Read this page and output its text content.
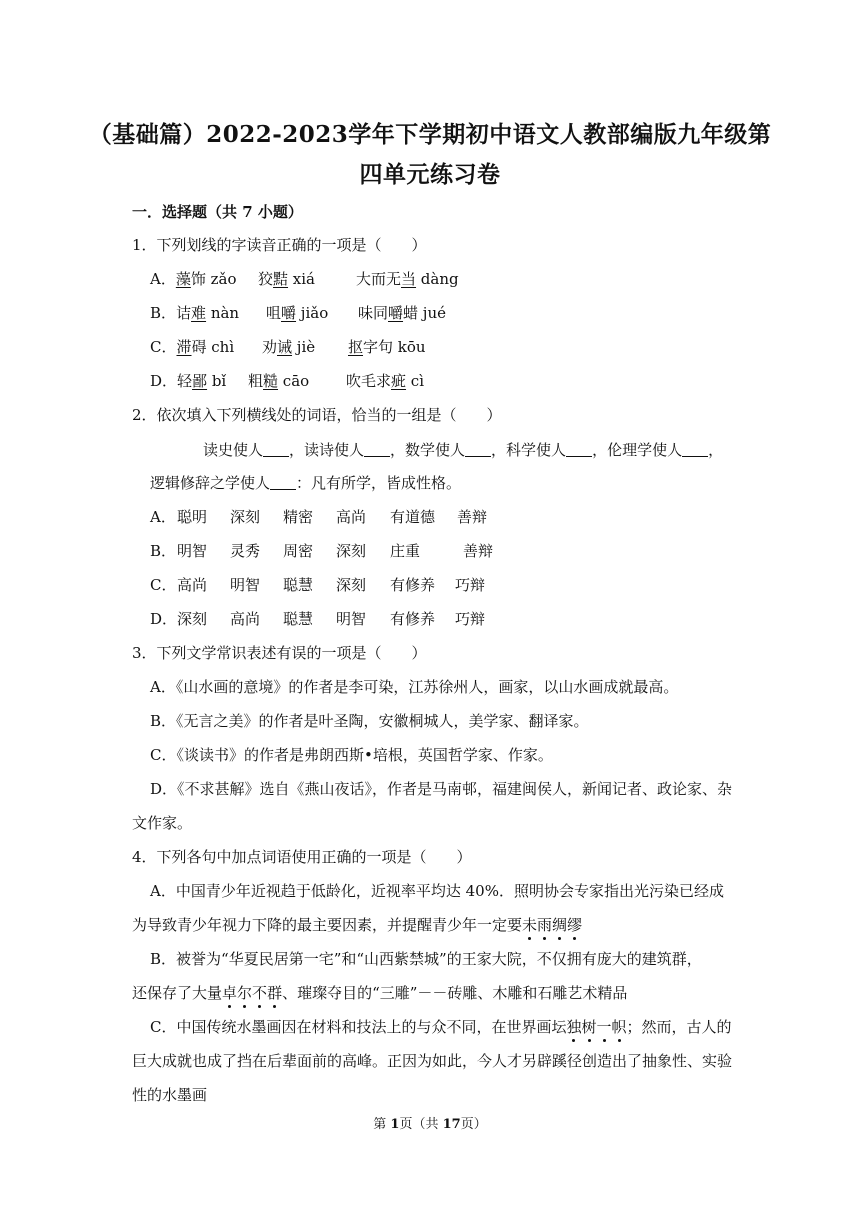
（基础篇）2022-2023学年下学期初中语文人教部编版九年级第
四单元练习卷
一．选择题（共 7 小题）
1．下列划线的字读音正确的一项是（　　）
A．藻饰 zǎo 狡黠 xiá	大而无当 dàng
B．诘难 nàn 咀嚼 jiǎo 味同嚼蜡 jué
C．滞碍 chì 劝诫 jiè 抠字句 kōu
D．轻鄙 bǐ 粗糙 cāo 吹毛求疵 cì
2．依次填入下列横线处的词语，恰当的一组是（　　）
读史使人 ，读诗使人 ，数学使人 ，科学使人 ，伦理学使人 ，
逻辑修辞之学使人 ：凡有所学，皆成性格。
A． 聪明 深刻 精密 高尚 有道德 善辩
B． 明智 灵秀 周密 深刻 庄重	善辩
C． 高尚 明智 聪慧 深刻 有修养 巧辩
D． 深刻 高尚 聪慧 明智 有修养 巧辩
3．下列文学常识表述有误的一项是（　　）
A．《山水画的意境》的作者是李可染，江苏徐州人，画家，以山水画成就最高。
B．《无言之美》的作者是叶圣陶，安徽桐城人，美学家、翻译家。
C．《谈读书》的作者是弗朗西斯•培根，英国哲学家、作家。
D．《不求甚解》选自《燕山夜话》，作者是马南邨，福建闽侯人，新闻记者、政论家、杂
文作家。
4．下列各句中加点词语使用正确的一项是（　　）
A．中国青少年近视趋于低龄化，近视率平均达 40%．照明协会专家指出光污染已经成
为导致青少年视力下降的最主要因素，并提醒青少年一定要未雨绸缪
B．被誉为“华夏民居第一宅”和“山西紫禁城”的王家大院，不仅拥有庞大的建筑群，
还保存了大量卓尔不群、璀璨夺目的“三雕”－－砖雕、木雕和石雕艺术精品
C．中国传统水墨画因在材料和技法上的与众不同，在世界画坛独树一帜；然而，古人的
巨大成就也成了挡在后辈面前的高峰。正因为如此，今人才另辟蹊径创造出了抽象性、实验
性的水墨画
第 1页（共 17页）
